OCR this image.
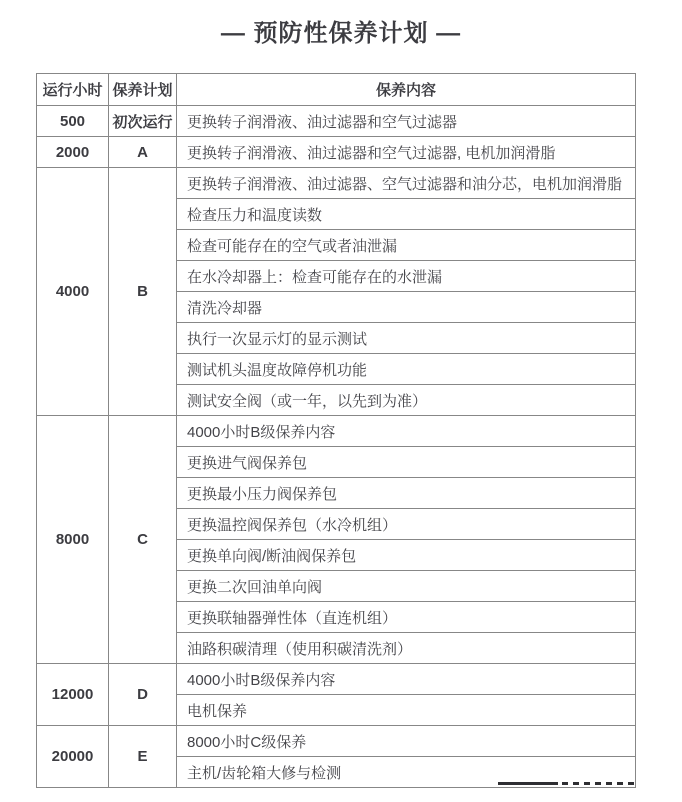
— 预防性保养计划 —
运行小时	保养计划	保养内容
500	初次运行	更换转子润滑液、油过滤器和空气过滤器
2000	A	更换转子润滑液、油过滤器和空气过滤器, 电机加润滑脂
4000	B	更换转子润滑液、油过滤器、空气过滤器和油分芯，电机加润滑脂
		检查压力和温度读数
		检查可能存在的空气或者油泄漏
		在水冷却器上：检查可能存在的水泄漏
		清洗冷却器
		执行一次显示灯的显示测试
		测试机头温度故障停机功能
		测试安全阀（或一年，以先到为准）
8000	C	4000小时B级保养内容
		更换进气阀保养包
		更换最小压力阀保养包
		更换温控阀保养包（水冷机组）
		更换单向阀/断油阀保养包
		更换二次回油单向阀
		更换联轴器弹性体（直连机组）
		油路积碳清理（使用积碳清洗剂）
12000	D	4000小时B级保养内容
		电机保养
20000	E	8000小时C级保养
		主机/齿轮箱大修与检测
